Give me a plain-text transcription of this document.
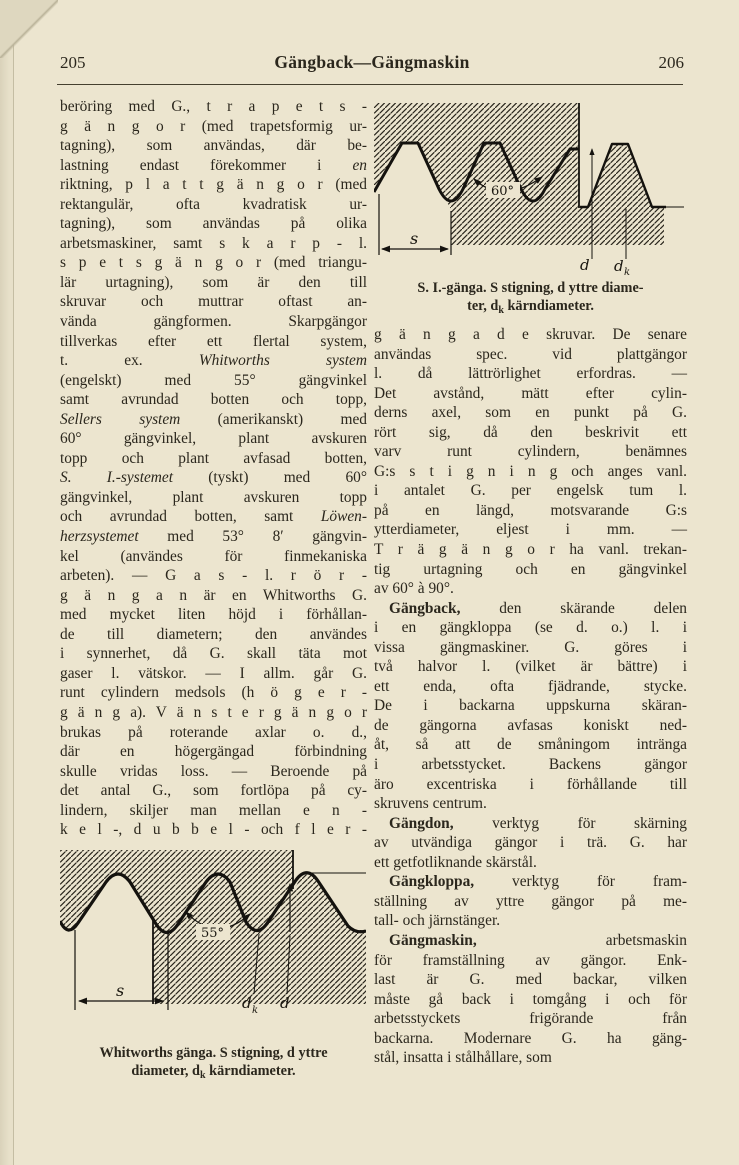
205	Gängback—Gängmaskin	206
beröring med G., t r a p e t s -
g ä n g o r (med trapetsformig ur-
tagning), som användas, där be-
lastning endast förekommer i en
riktning, p l a t t g ä n g o r (med
rektangulär, ofta kvadratisk ur-
tagning), som användas på olika
arbetsmaskiner, samt s k a r p - l.
s p e t s g ä n g o r (med triangu-
lär urtagning), som är den till
skruvar och muttrar oftast an-
vända gängformen. Skarpgängor
tillverkas efter ett flertal system,
t. ex. Whitworths system
(engelskt) med 55° gängvinkel
samt avrundad botten och topp,
Sellers system (amerikanskt) med
60° gängvinkel, plant avskuren
topp och plant avfasad botten,
S. I.-systemet (tyskt) med 60°
gängvinkel, plant avskuren topp
och avrundad botten, samt Löwen-
herzsystemet med 53° 8′ gängvin-
kel (användes för finmekaniska
arbeten). — G a s - l. r ö r -
g ä n g a n är en Whitworths G.
med mycket liten höjd i förhållan-
de till diametern; den användes
i synnerhet, då G. skall täta mot
gaser l. vätskor. — I allm. går G.
runt cylindern medsols (h ö g e r -
g ä n g a). V ä n s t e r g ä n g o r
brukas på roterande axlar o. d.,
där en högergängad förbindning
skulle vridas loss. — Beroende på
det antal G., som fortlöpa på cy-
lindern, skiljer man mellan e n -
k e l -, d u b b e l - och f l e r -
55°
s
d k d
Whitworths gänga. S stigning, d yttre
diameter, $d_k$ kärndiameter.
60°
s
d d k
S. I.-gänga. S stigning, d yttre diame-
ter, $d_k$ kärndiameter.
g ä n g a d e skruvar. De senare
användas spec. vid plattgängor
l. då lättrörlighet erfordras. —
Det avstånd, mätt efter cylin-
derns axel, som en punkt på G.
rört sig, då den beskrivit ett
varv runt cylindern, benämnes
G:s s t i g n i n g och anges vanl.
i antalet G. per engelsk tum l.
på en längd, motsvarande G:s
ytterdiameter, eljest i mm. —
T r ä g ä n g o r ha vanl. trekan-
tig urtagning och en gängvinkel
av 60° à 90°.
Gängback, den skärande delen
i en gängkloppa (se d. o.) l. i
vissa gängmaskiner. G. göres i
två halvor l. (vilket är bättre) i
ett enda, ofta fjädrande, stycke.
De i backarna uppskurna skäran-
de gängorna avfasas koniskt ned-
åt, så att de småningom intränga
i arbetsstycket. Backens gängor
äro excentriska i förhållande till
skruvens centrum.
Gängdon, verktyg för skärning
av utvändiga gängor i trä. G. har
ett getfotliknande skärstål.
Gängkloppa, verktyg för fram-
ställning av yttre gängor på me-
tall- och järnstänger.
Gängmaskin, arbetsmaskin
för framställning av gängor. Enk-
last är G. med backar, vilken
måste gå back i tomgång i och för
arbetsstyckets frigörande från
backarna. Modernare G. ha gäng-
stål, insatta i stålhållare, som
